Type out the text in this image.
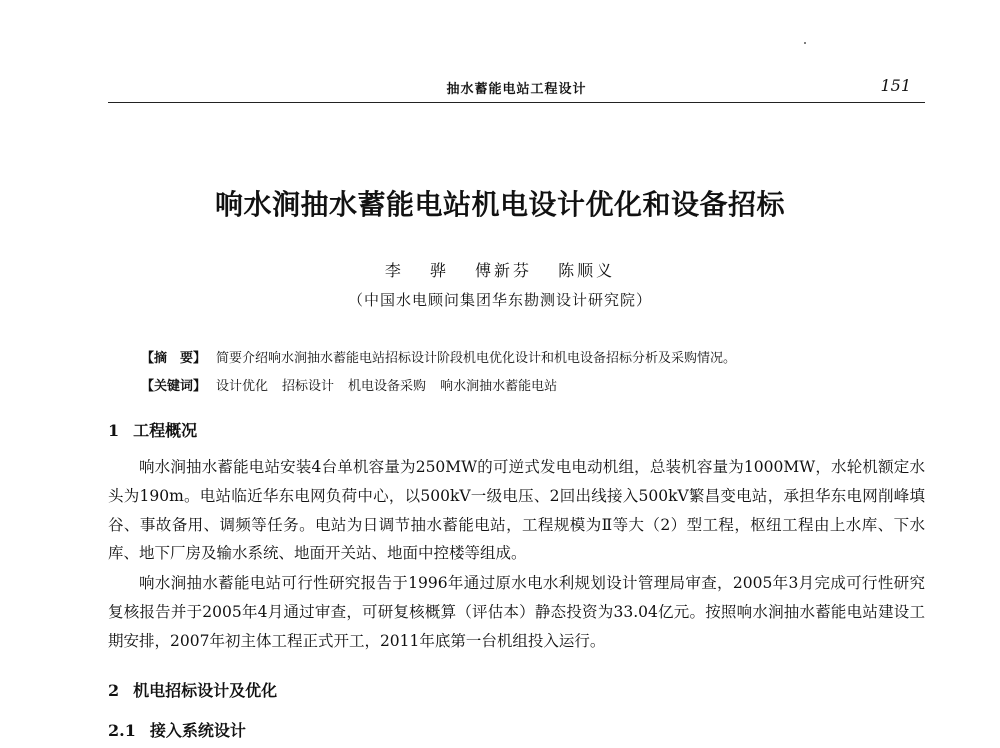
抽水蓄能电站工程设计	151
响水涧抽水蓄能电站机电设计优化和设备招标
李 骅 傅新芬 陈顺义
（中国水电顾问集团华东勘测设计研究院）
【摘　要】 简要介绍响水涧抽水蓄能电站招标设计阶段机电优化设计和机电设备招标分析及采购情况。
【关键词】 设计优化 招标设计 机电设备采购 响水涧抽水蓄能电站
1 工程概况
响水涧抽水蓄能电站安装4台单机容量为250MW的可逆式发电电动机组，总装机容量为1000MW，水轮机额定水头为190m。电站临近华东电网负荷中心，以500kV一级电压、2回出线接入500kV繁昌变电站，承担华东电网削峰填谷、事故备用、调频等任务。电站为日调节抽水蓄能电站，工程规模为Ⅱ等大（2）型工程，枢纽工程由上水库、下水库、地下厂房及输水系统、地面开关站、地面中控楼等组成。
响水涧抽水蓄能电站可行性研究报告于1996年通过原水电水利规划设计管理局审查，2005年3月完成可行性研究复核报告并于2005年4月通过审查，可研复核概算（评估本）静态投资为33.04亿元。按照响水涧抽水蓄能电站建设工期安排，2007年初主体工程正式开工，2011年底第一台机组投入运行。
2 机电招标设计及优化
2.1 接入系统设计
